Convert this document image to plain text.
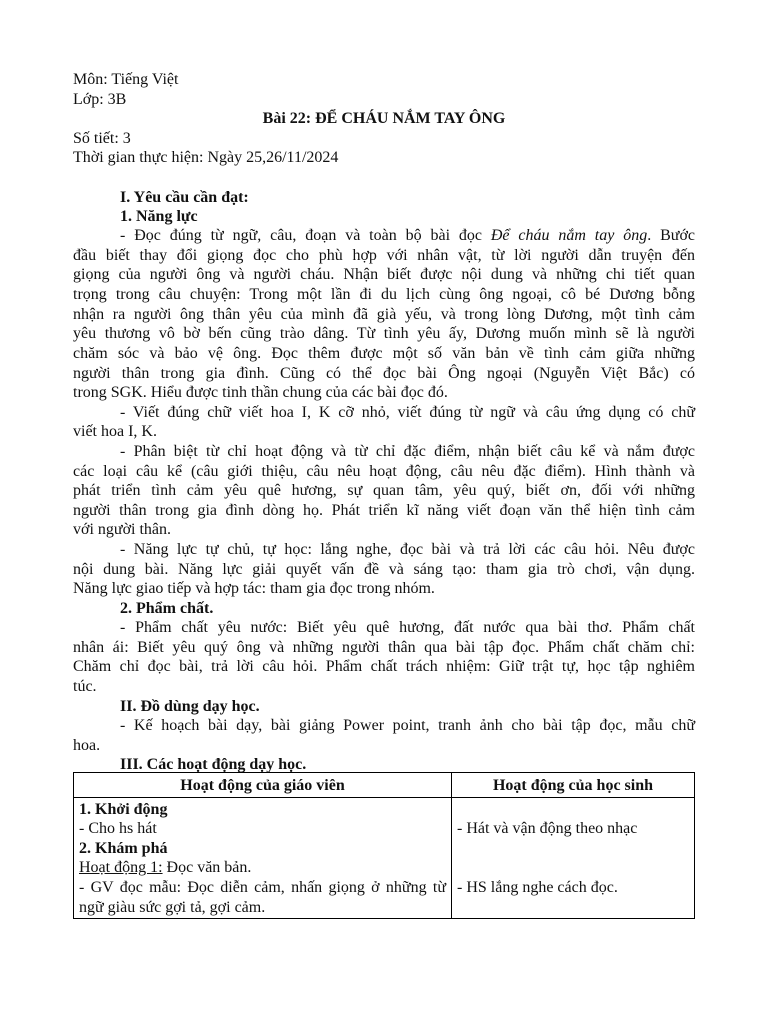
Môn: Tiếng Việt
Lớp: 3B
Bài 22: ĐỂ CHÁU NẮM TAY ÔNG
Số tiết: 3
Thời gian thực hiện: Ngày 25,26/11/2024
I. Yêu cầu cần đạt:
1. Năng lực
- Đọc đúng từ ngữ, câu, đoạn và toàn bộ bài đọc Để cháu nắm tay ông. Bước
đầu biết thay đổi giọng đọc cho phù hợp với nhân vật, từ lời người dẫn truyện đến
giọng của người ông và người cháu. Nhận biết được nội dung và những chi tiết quan
trọng trong câu chuyện: Trong một lần đi du lịch cùng ông ngoại, cô bé Dương bỗng
nhận ra người ông thân yêu của mình đã già yếu, và trong lòng Dương, một tình cảm
yêu thương vô bờ bến cũng trào dâng. Từ tình yêu ấy, Dương muốn mình sẽ là người
chăm sóc và bảo vệ ông. Đọc thêm được một số văn bản về tình cảm giữa những
người thân trong gia đình. Cũng có thể đọc bài Ông ngoại (Nguyễn Việt Bắc) có
trong SGK. Hiểu được tinh thần chung của các bài đọc đó.
- Viết đúng chữ viết hoa I, K cỡ nhỏ, viết đúng từ ngữ và câu ứng dụng có chữ
viết hoa I, K.
- Phân biệt từ chỉ hoạt động và từ chỉ đặc điểm, nhận biết câu kể và nắm được
các loại câu kể (câu giới thiệu, câu nêu hoạt động, câu nêu đặc điểm). Hình thành và
phát triển tình cảm yêu quê hương, sự quan tâm, yêu quý, biết ơn, đối với những
người thân trong gia đình dòng họ. Phát triển kĩ năng viết đoạn văn thể hiện tình cảm
với người thân.
- Năng lực tự chủ, tự học: lắng nghe, đọc bài và trả lời các câu hỏi. Nêu được
nội dung bài. Năng lực giải quyết vấn đề và sáng tạo: tham gia trò chơi, vận dụng.
Năng lực giao tiếp và hợp tác: tham gia đọc trong nhóm.
2. Phẩm chất.
- Phẩm chất yêu nước: Biết yêu quê hương, đất nước qua bài thơ. Phẩm chất
nhân ái: Biết yêu quý ông và những người thân qua bài tập đọc. Phẩm chất chăm chỉ:
Chăm chỉ đọc bài, trả lời câu hỏi. Phẩm chất trách nhiệm: Giữ trật tự, học tập nghiêm
túc.
II. Đồ dùng dạy học.
- Kế hoạch bài dạy, bài giảng Power point, tranh ảnh cho bài tập đọc, mẫu chữ
hoa.
III. Các hoạt động dạy học.
Hoạt động của giáo viên	Hoạt động của học sinh

1. Khởi động
- Cho hs hát
2. Khám phá
Hoạt động 1: Đọc văn bản.
- GV đọc mẫu: Đọc diễn cảm, nhấn giọng ở những từ ngữ giàu sức gợi tả, gợi cảm.	- Hát và vận động theo nhạc

- HS lắng nghe cách đọc.
